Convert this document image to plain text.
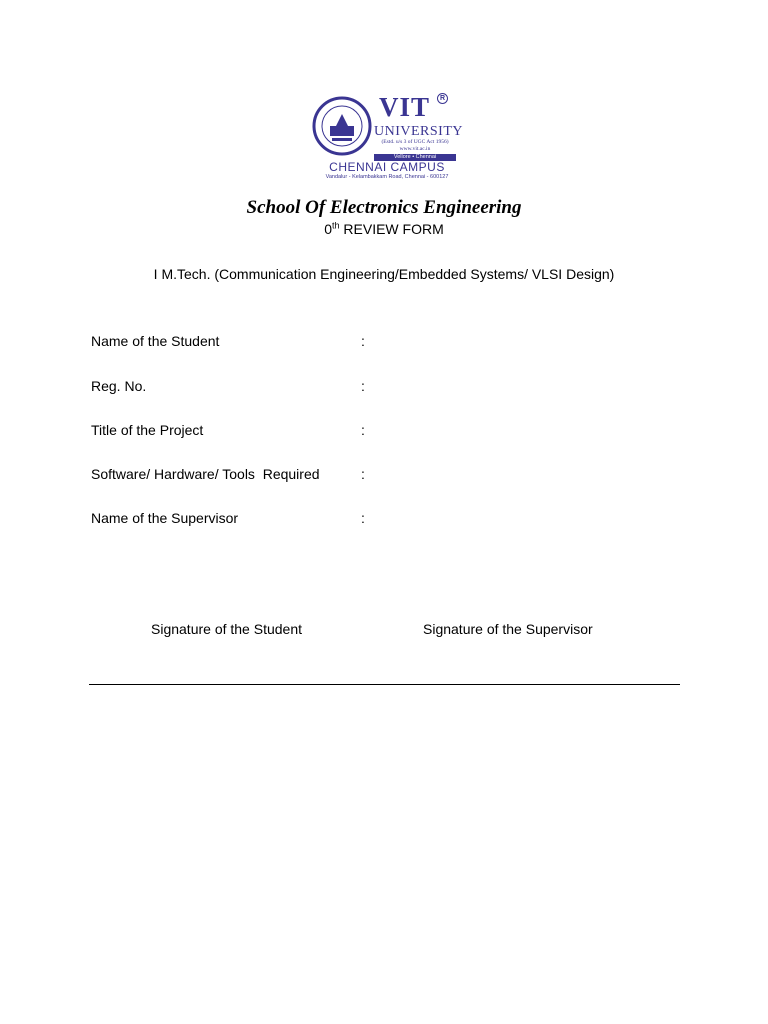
VIT	R
UNIVERSITY
(Estd. u/s 3 of UGC Act 1956)
www.vit.ac.in
Vellore • Chennai
CHENNAI CAMPUS
Vandalur - Kelambakkam Road, Chennai - 600127
School Of Electronics Engineering
0th REVIEW FORM
I M.Tech. (Communication Engineering/Embedded Systems/ VLSI Design)
Name of the Student	:
Reg. No.	:
Title of the Project	:
Software/ Hardware/ Tools  Required	:
Name of the Supervisor	:
Signature of the Student	Signature of the Supervisor
